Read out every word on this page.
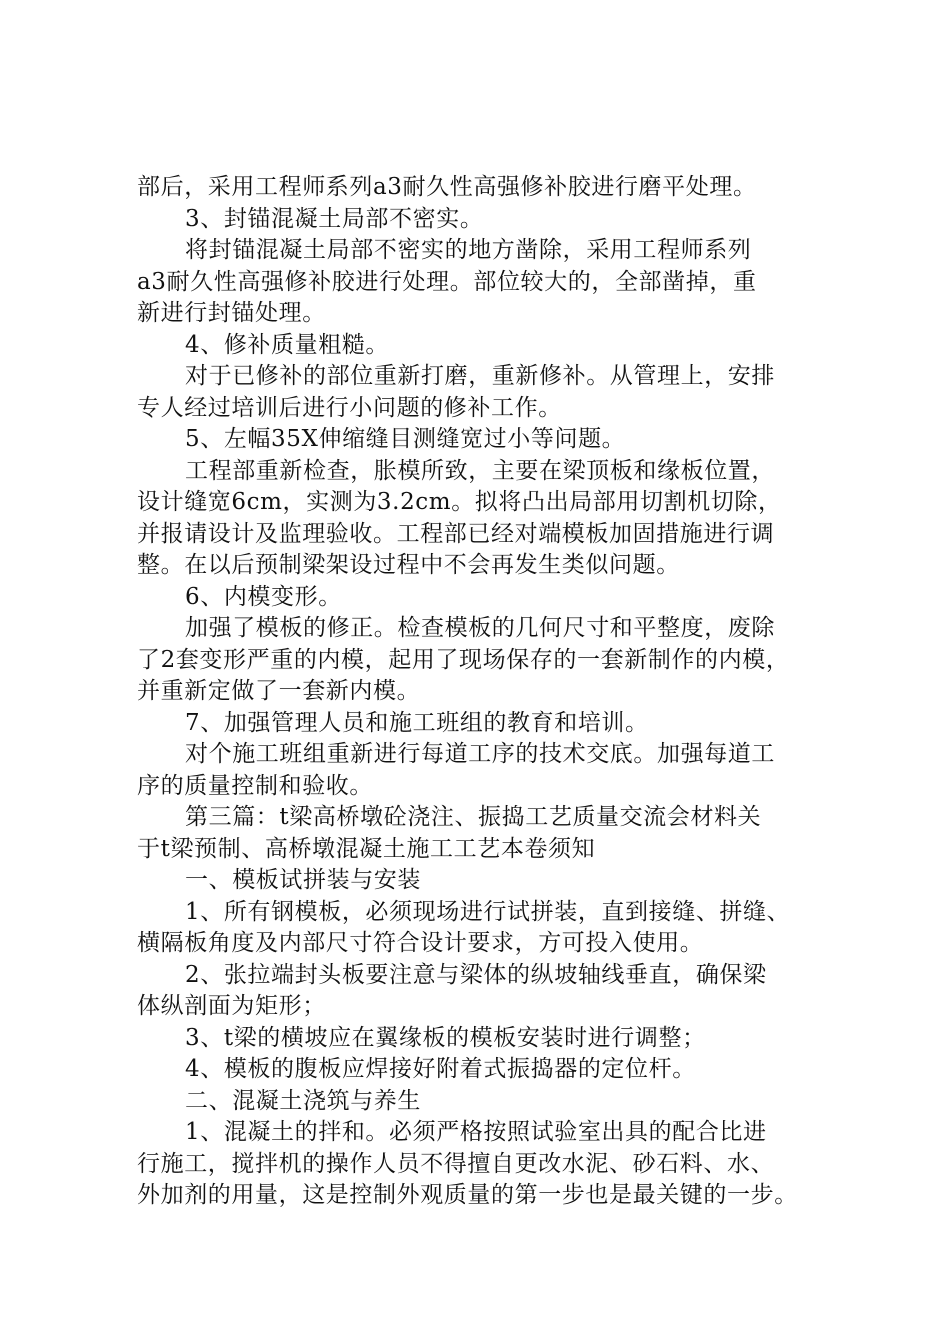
部后，采用工程师系列a3耐久性高强修补胶进行磨平处理。
3、封锚混凝土局部不密实。
将封锚混凝土局部不密实的地方凿除，采用工程师系列
a3耐久性高强修补胶进行处理。部位较大的，全部凿掉，重
新进行封锚处理。
4、修补质量粗糙。
对于已修补的部位重新打磨，重新修补。从管理上，安排
专人经过培训后进行小问题的修补工作。
5、左幅35X伸缩缝目测缝宽过小等问题。
工程部重新检查，胀模所致，主要在梁顶板和缘板位置，
设计缝宽6cm，实测为3.2cm。拟将凸出局部用切割机切除，
并报请设计及监理验收。工程部已经对端模板加固措施进行调
整。在以后预制梁架设过程中不会再发生类似问题。
6、内模变形。
加强了模板的修正。检查模板的几何尺寸和平整度，废除
了2套变形严重的内模，起用了现场保存的一套新制作的内模，
并重新定做了一套新内模。
7、加强管理人员和施工班组的教育和培训。
对个施工班组重新进行每道工序的技术交底。加强每道工
序的质量控制和验收。
第三篇：t梁高桥墩砼浇注、振捣工艺质量交流会材料关
于t梁预制、高桥墩混凝土施工工艺本卷须知
一、模板试拼装与安装
1、所有钢模板，必须现场进行试拼装，直到接缝、拼缝、
横隔板角度及内部尺寸符合设计要求，方可投入使用。
2、张拉端封头板要注意与梁体的纵坡轴线垂直，确保梁
体纵剖面为矩形；
3、t梁的横坡应在翼缘板的模板安装时进行调整；
4、模板的腹板应焊接好附着式振捣器的定位杆。
二、混凝土浇筑与养生
1、混凝土的拌和。必须严格按照试验室出具的配合比进
行施工，搅拌机的操作人员不得擅自更改水泥、砂石料、水、
外加剂的用量，这是控制外观质量的第一步也是最关键的一步。
